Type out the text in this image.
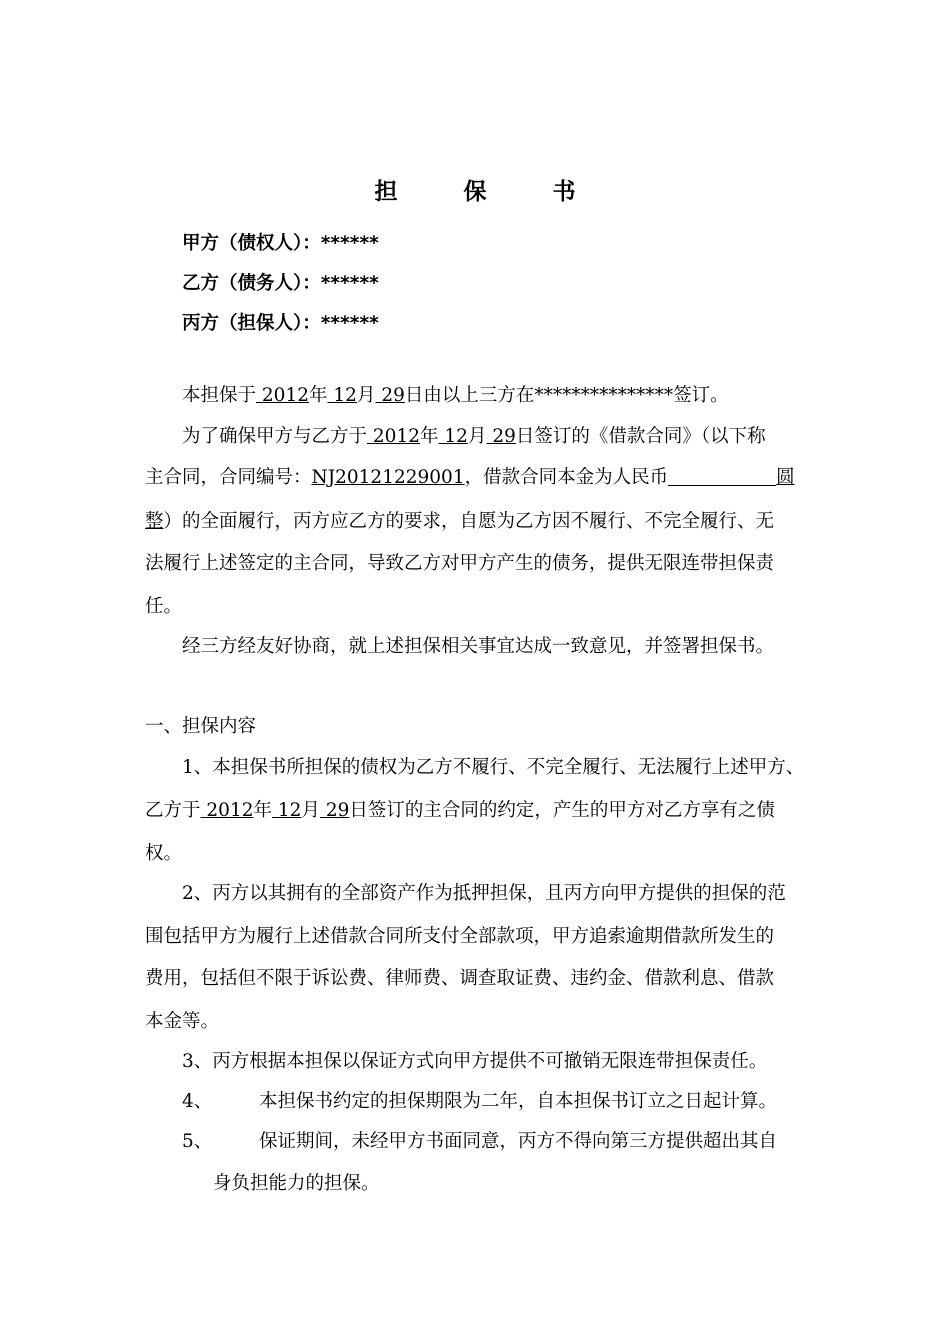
担 保 书
甲方（债权人）：******
乙方（债务人）：******
丙方（担保人）：******
本担保于 2012年 12月 29日由以上三方在***************签订。
为了确保甲方与乙方于 2012年 12月 29日签订的《借款合同》（以下称
主合同，合同编号：NJ20121229001，借款合同本金为人民币	圆
整）的全面履行，丙方应乙方的要求，自愿为乙方因不履行、不完全履行、无
法履行上述签定的主合同，导致乙方对甲方产生的债务，提供无限连带担保责
任。
经三方经友好协商，就上述担保相关事宜达成一致意见，并签署担保书。
一、担保内容
1、本担保书所担保的债权为乙方不履行、不完全履行、无法履行上述甲方、
乙方于 2012年 12月 29日签订的主合同的约定，产生的甲方对乙方享有之债
权。
2、丙方以其拥有的全部资产作为抵押担保，且丙方向甲方提供的担保的范
围包括甲方为履行上述借款合同所支付全部款项，甲方追索逾期借款所发生的
费用，包括但不限于诉讼费、律师费、调查取证费、违约金、借款利息、借款
本金等。
3、丙方根据本担保以保证方式向甲方提供不可撤销无限连带担保责任。
4、	本担保书约定的担保期限为二年，自本担保书订立之日起计算。
5、	保证期间，未经甲方书面同意，丙方不得向第三方提供超出其自
身负担能力的担保。
